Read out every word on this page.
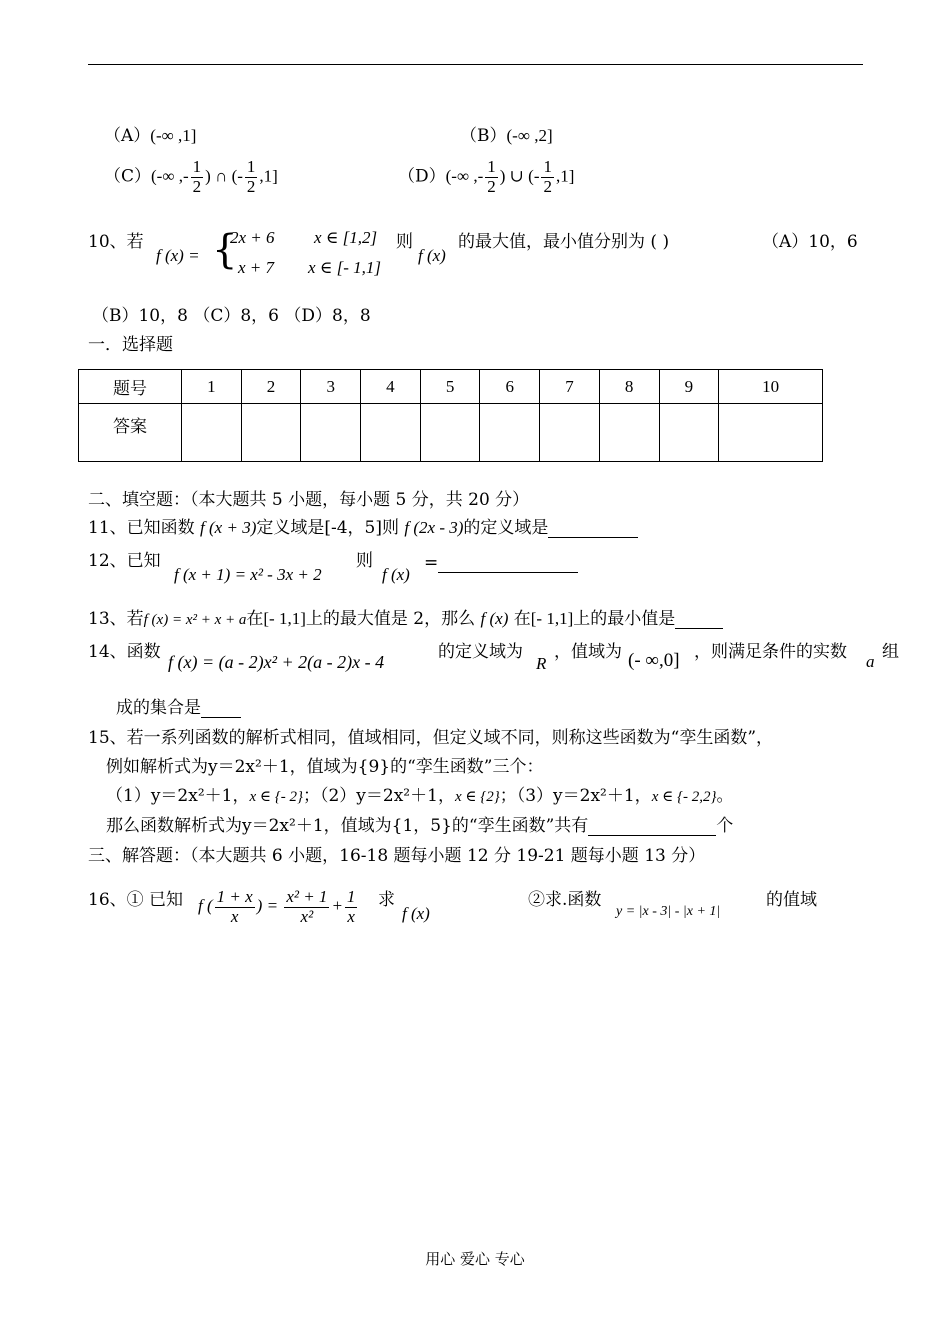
（A）(-∞ ,1]	（B）(-∞ ,2]
（C）(-∞ ,- $\frac{1}{2}$ ) ∩ (- $\frac{1}{2} ,1$]	（D）(-∞ ,- $\frac{1}{2}$ ) ∪ (- $\frac{1}{2} ,1$]
10、若
f (x) = {
2x + 6 x ∈ [1,2]
x + 7 x ∈ [- 1,1]
则
f (x)
的最大值，最小值分别为 ( )	（A）10，6
（B）10，8 （C）8，6 （D）8，8
一．选择题
题号	1	2	3	4	5	6	7	8	9	10
答案										
二、填空题：（本大题共 5 小题，每小题 5 分，共 20 分）
11、已知函数 f (x + 3)定义域是[-4，5]则 f (2x - 3)的定义域是
12、已知
f (x + 1) = x² - 3x + 2
则
f (x)
=
13、若f (x) = x² + x + a在[- 1,1]上的最大值是 2，那么 f (x) 在[- 1,1]上的最小值是
14、函数 f (x) = (a - 2)x² + 2(a - 2)x - 4	的定义域为
R
，值域为 (- ∞,0] ，则满足条件的实数 a 组
成的集合是
15、若一系列函数的解析式相同，值域相同，但定义域不同，则称这些函数为“孪生函数”，
例如解析式为y＝2x²＋1，值域为{9}的“孪生函数”三个：
（1）y＝2x²＋1，x ∈ {- 2}；（2）y＝2x²＋1，x ∈ {2}；（3）y＝2x²＋1，x ∈ {- 2,2}。
那么函数解析式为y＝2x²＋1，值域为{1，5}的“孪生函数”共有	个
三、解答题：（本大题共 6 小题，16-18 题每小题 12 分 19-21 题每小题 13 分）
16、① 已知 f ( $\frac{1 + x}{x}$ ) = $\frac{\text{x² + 1}}{\text{x²}} + \frac{1}{x}$ 求
f (x)
②求.函数
y = |x - 3| - |x + 1|
的值域
用心 爱心 专心
